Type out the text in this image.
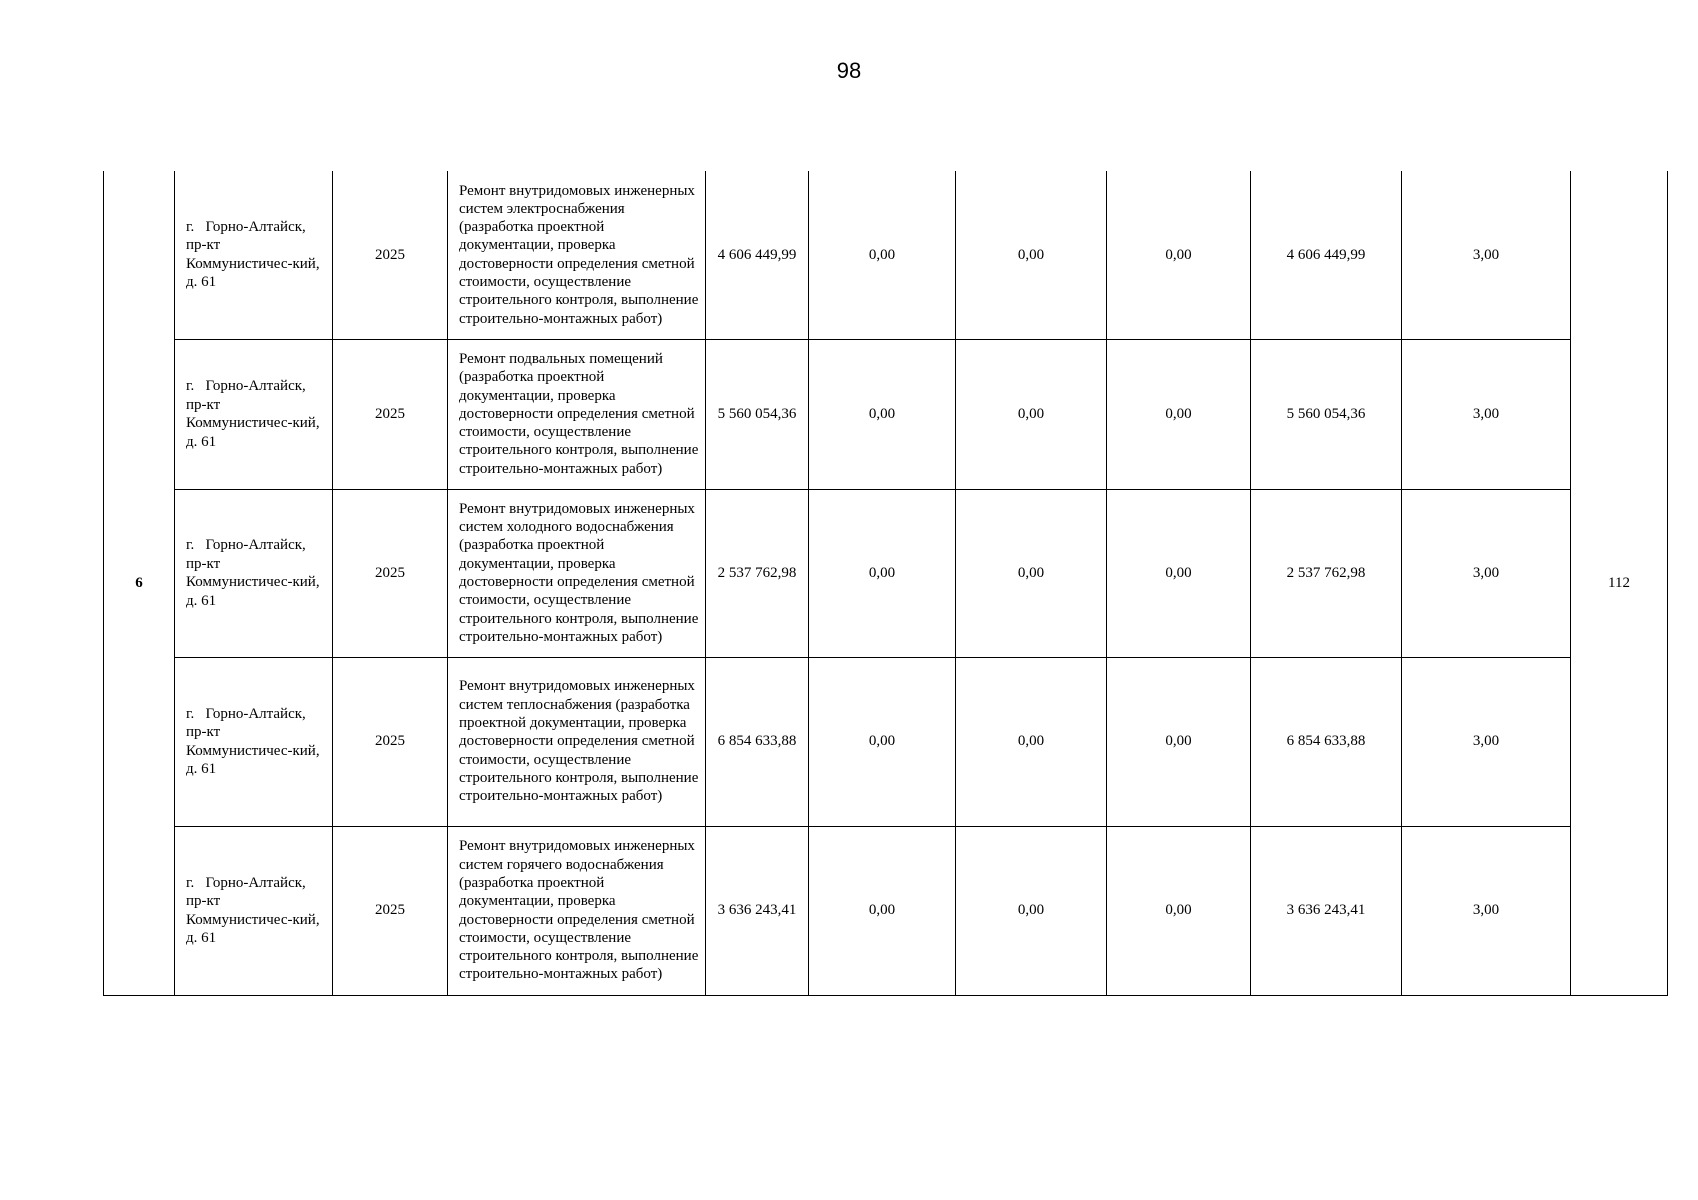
98
6	г.   Горно-Алтайск, пр-кт Коммунистичес-кий, д. 61	2025	Ремонт внутридомовых инженерных систем электроснабжения (разработка проектной документации, проверка достоверности определения сметной стоимости, осуществление строительного контроля, выполнение строительно-монтажных работ)	4 606 449,99	0,00	0,00	0,00	4 606 449,99	3,00	112
	г.   Горно-Алтайск, пр-кт Коммунистичес-кий, д. 61	2025	Ремонт подвальных помещений (разработка проектной документации, проверка достоверности определения сметной стоимости, осуществление строительного контроля, выполнение строительно-монтажных работ)	5 560 054,36	0,00	0,00	0,00	5 560 054,36	3,00	
	г.   Горно-Алтайск, пр-кт Коммунистичес-кий, д. 61	2025	Ремонт внутридомовых инженерных систем холодного водоснабжения (разработка проектной документации, проверка достоверности определения сметной стоимости, осуществление строительного контроля, выполнение строительно-монтажных работ)	2 537 762,98	0,00	0,00	0,00	2 537 762,98	3,00	
	г.   Горно-Алтайск, пр-кт Коммунистичес-кий, д. 61	2025	Ремонт внутридомовых инженерных систем теплоснабжения (разработка проектной документации, проверка достоверности определения сметной стоимости, осуществление строительного контроля, выполнение строительно-монтажных работ)	6 854 633,88	0,00	0,00	0,00	6 854 633,88	3,00	
	г.   Горно-Алтайск, пр-кт Коммунистичес-кий, д. 61	2025	Ремонт внутридомовых инженерных систем горячего водоснабжения (разработка проектной документации, проверка достоверности определения сметной стоимости, осуществление строительного контроля, выполнение строительно-монтажных работ)	3 636 243,41	0,00	0,00	0,00	3 636 243,41	3,00	
